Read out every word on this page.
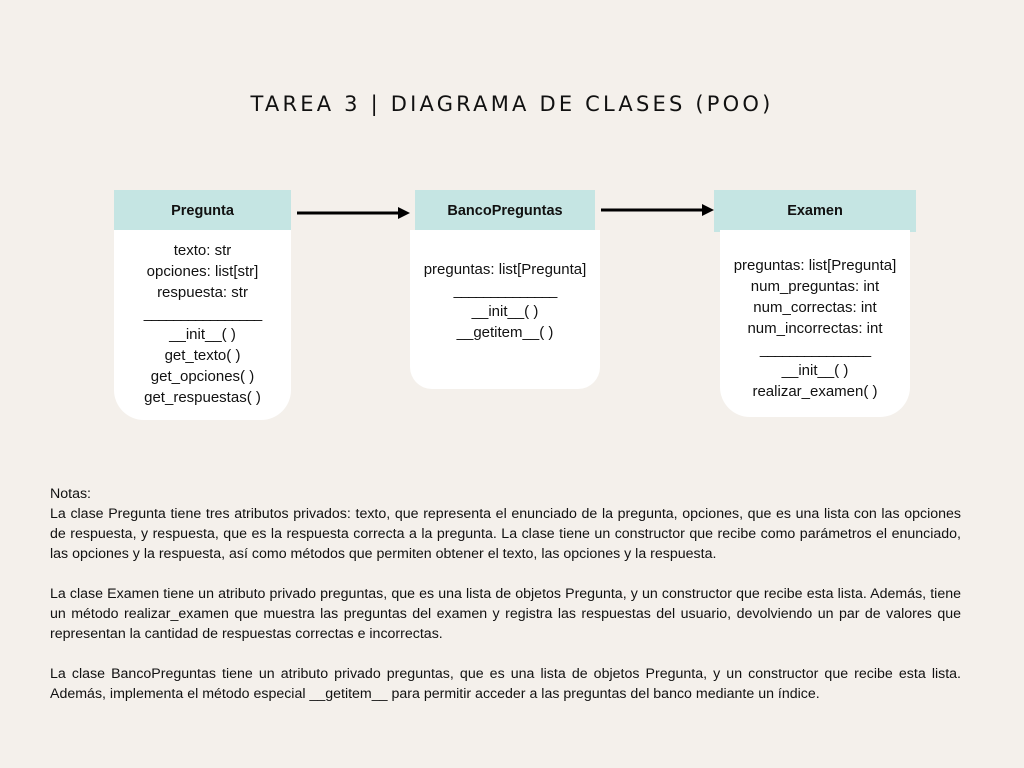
TAREA 3 | DIAGRAMA DE CLASES (POO)
Pregunta
texto: str
opciones: list[str]
respuesta: str
________________
__init__( )
get_texto( )
get_opciones( )
get_respuestas( )
BancoPreguntas
preguntas: list[Pregunta]
______________
__init__( )
__getitem__( )
Examen
preguntas: list[Pregunta]
num_preguntas: int
num_correctas: int
num_incorrectas: int
_______________
__init__( )
realizar_examen( )
Notas:

La clase Pregunta tiene tres atributos privados: texto, que representa el enunciado de la pregunta, opciones, que es una lista con las opciones de respuesta, y respuesta, que es la respuesta correcta a la pregunta. La clase tiene un constructor que recibe como parámetros el enunciado, las opciones y la respuesta, así como métodos que permiten obtener el texto, las opciones y la respuesta.

La clase Examen tiene un atributo privado preguntas, que es una lista de objetos Pregunta, y un constructor que recibe esta lista. Además, tiene un método realizar_examen que muestra las preguntas del examen y registra las respuestas del usuario, devolviendo un par de valores que representan la cantidad de respuestas correctas e incorrectas.

La clase BancoPreguntas tiene un atributo privado preguntas, que es una lista de objetos Pregunta, y un constructor que recibe esta lista. Además, implementa el método especial __getitem__ para permitir acceder a las preguntas del banco mediante un índice.
